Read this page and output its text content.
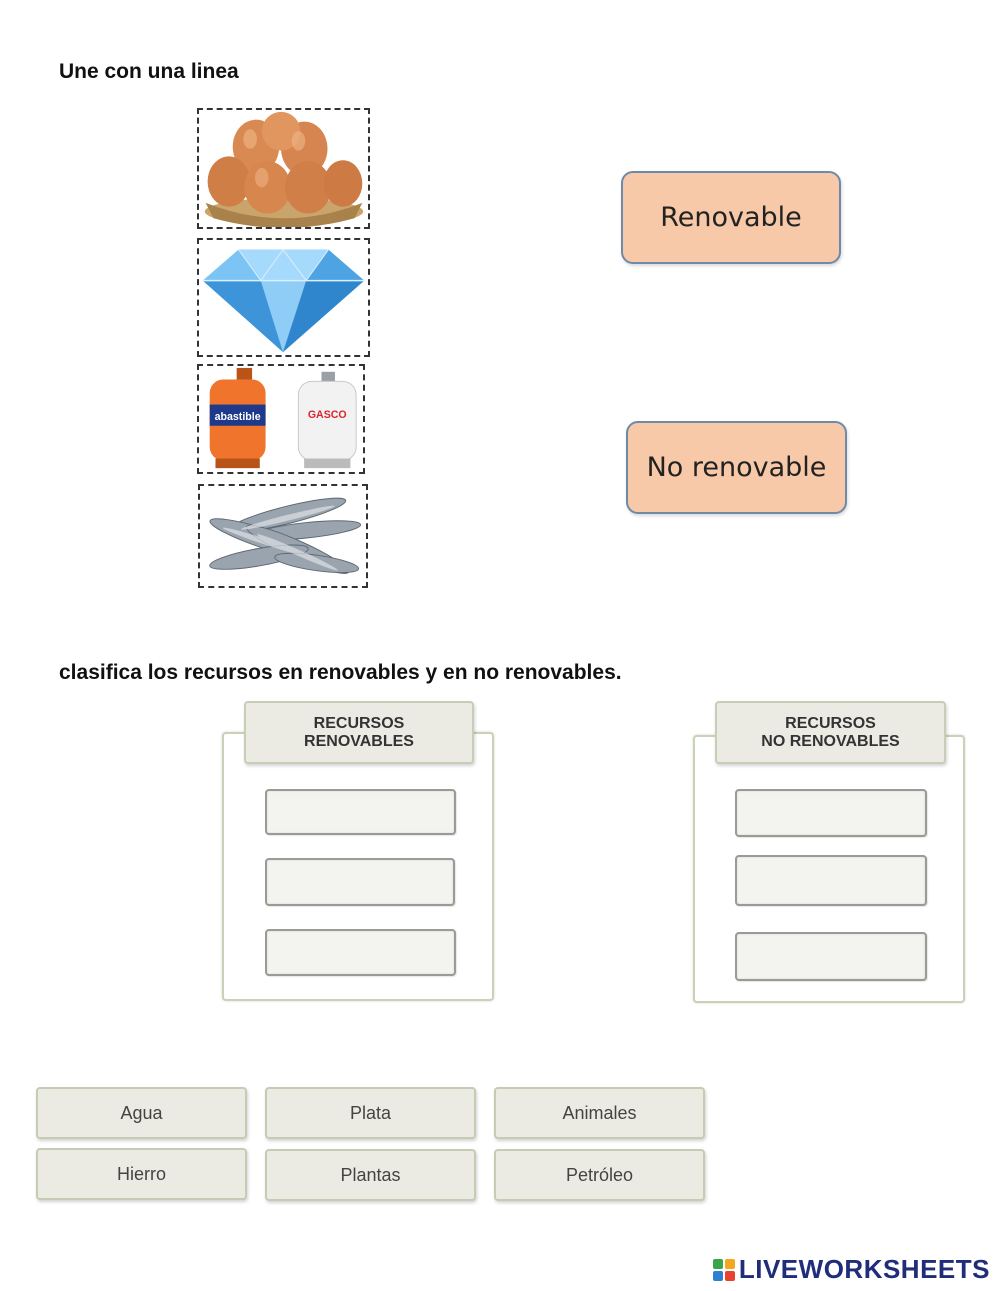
Une con una linea
abastible	GASCO
Renovable
No renovable
clasifica los recursos en renovables y en no renovables.
RECURSOS
RENOVABLES
RECURSOS
NO RENOVABLES
Agua	Plata	Animales
Hierro	Plantas	Petróleo
LIVEWORKSHEETS
